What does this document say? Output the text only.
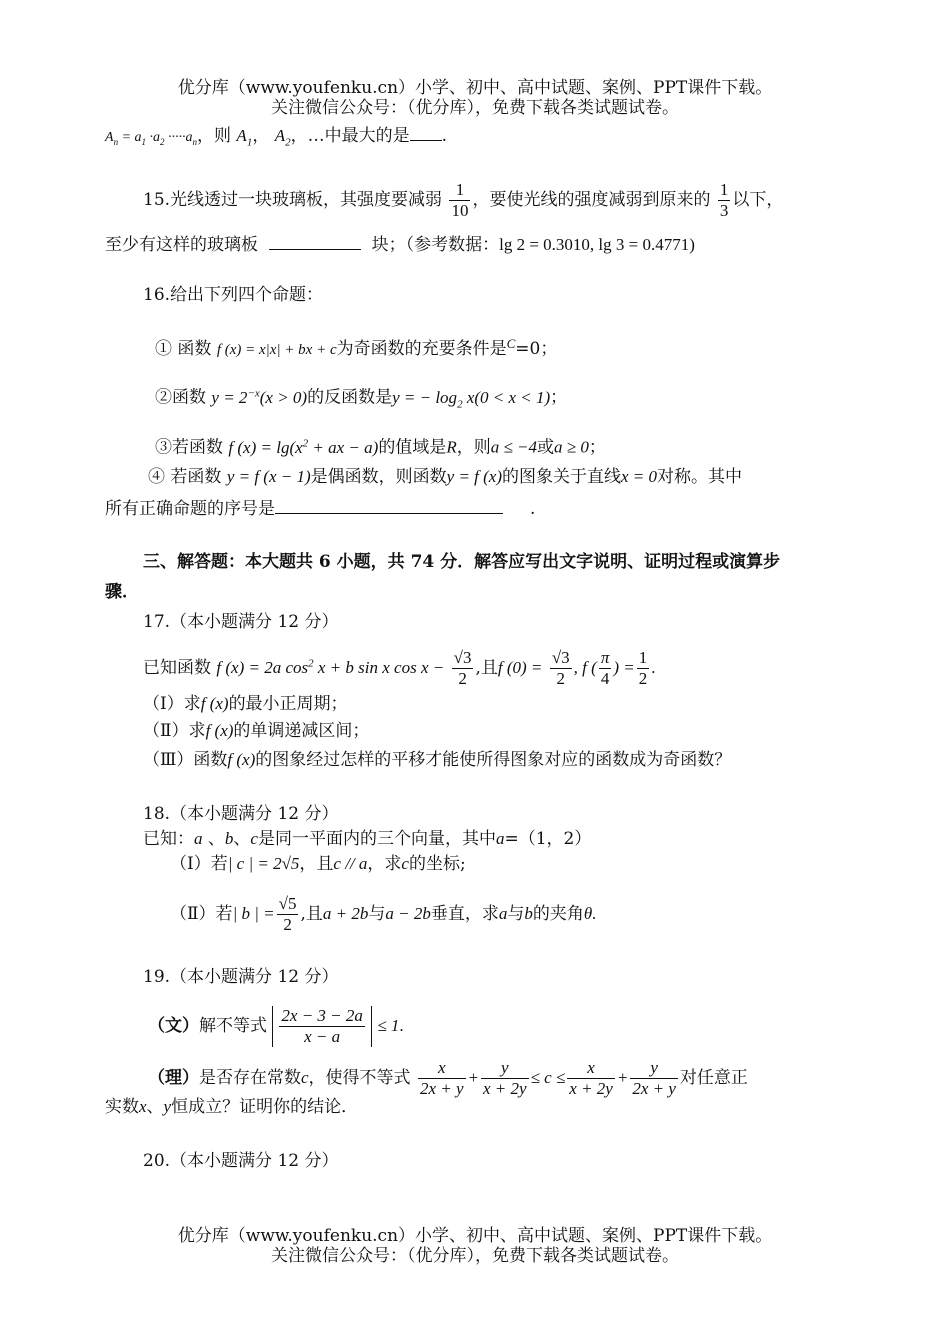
优分库（www.youfenku.cn）小学、初中、高中试题、案例、PPT课件下载。
关注微信公众号：（优分库），免费下载各类试题试卷。
$A_n = a_1 \cdot a_2 \cdot\cdot\cdot\cdot\cdot a_n$，则 $A_1$， $A_2$，…中最大的是 .
15.光线透过一块玻璃板，其强度要减弱 $\frac{1}{10}$ ，要使光线的强度减弱到原来的 $\frac{1}{3}$ 以下，
至少有这样的玻璃板	块；（参考数据：lg 2 = 0.3010, lg 3 = 0.4771)
16.给出下列四个命题：
① 函数 f (x) = x|x| + bx + c为奇函数的充要条件是$^C$=0；
②函数 $y = 2^{-x}(x > 0)$的反函数是y = − $\log_2 x(0 < x < 1)$；
③若函数 f $(x) = \lg(x^2$ + ax − a)的值域是R，则a ≤ −4或a ≥ 0；
④ 若函数 y = f (x − 1)是偶函数，则函数y = f (x)的图象关于直线x = 0对称。其中
所有正确命题的序号是	.
三、解答题：本大题共 6 小题，共 74 分．解答应写出文字说明、证明过程或演算步
骤．
17.（本小题满分 12 分）
已知函数 f (x) = 2a $\cos^2 x + b$ sin x $\cos x - \frac{√3}{2}$ ,且f $(0) = \frac{√3}{2}$ , f ( $\frac{\pi}{4}$ ) = $\frac{1}{2}$ .
（Ⅰ）求f (x)的最小正周期；
（Ⅱ）求f (x)的单调递减区间；
（Ⅲ）函数f (x)的图象经过怎样的平移才能使所得图象对应的函数成为奇函数？
18.（本小题满分 12 分）
已知：a 、b、c是同一平面内的三个向量，其中a=（1，2）
（Ⅰ）若| c | = 2√5，且c // a，求c的坐标;
（Ⅱ）若| b | = $\frac{√5}{2}$ ,且a + 2b与a − 2b垂直，求a与b的夹角θ.
19.（本小题满分 12 分）
（文）解不等式 $\frac{2x - 3 - 2a}{x - a} \le 1$.
（理）是否存在常数c，使得不等式 $\frac{x}{2x + y} + \frac{y}{x + 2y} \le c \le \frac{x}{x + 2y} + \frac{y}{2x + y}$ 对任意正
实数x、y恒成立？证明你的结论．
20.（本小题满分 12 分）
优分库（www.youfenku.cn）小学、初中、高中试题、案例、PPT课件下载。
关注微信公众号：（优分库），免费下载各类试题试卷。
